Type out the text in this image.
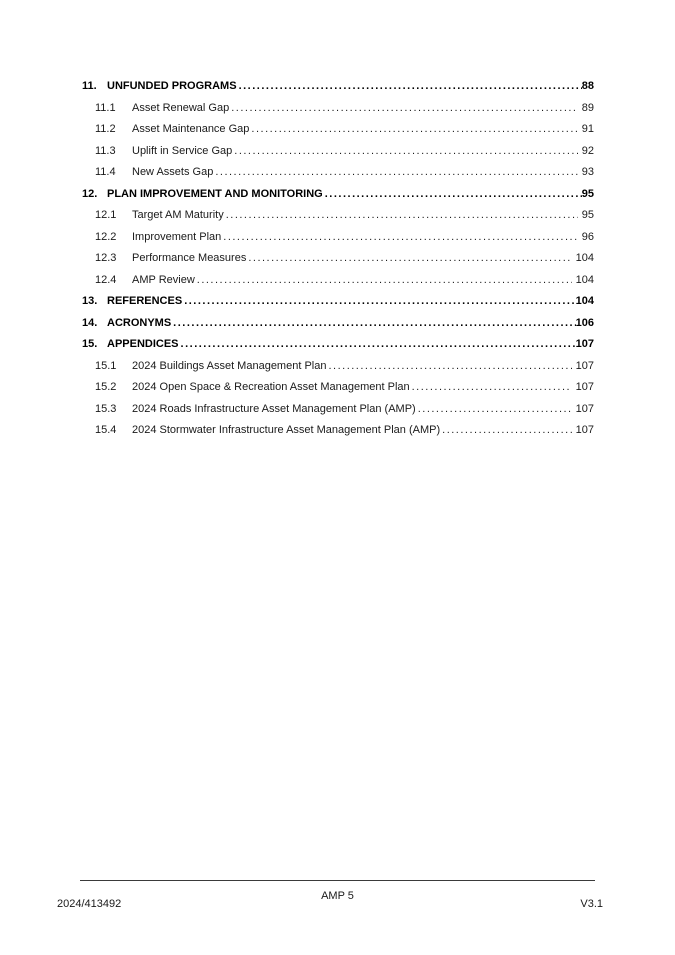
11. UNFUNDED PROGRAMS .....	88
11.1	Asset Renewal Gap .....	89
11.2	Asset Maintenance Gap .....	91
11.3	Uplift in Service Gap .....	92
11.4	New Assets Gap .....	93
12. PLAN IMPROVEMENT AND MONITORING .....	95
12.1	Target AM Maturity .....	95
12.2	Improvement Plan .....	96
12.3	Performance Measures .....	104
12.4	AMP Review .....	104
13. REFERENCES .....	104
14. ACRONYMS .....	106
15. APPENDICES .....	107
15.1	2024 Buildings Asset Management Plan .....	107
15.2	2024 Open Space & Recreation Asset Management Plan .....	107
15.3	2024 Roads Infrastructure Asset Management Plan (AMP) .....	107
15.4	2024 Stormwater Infrastructure Asset Management Plan (AMP) .....	107
2024/413492
AMP 5
V3.1
